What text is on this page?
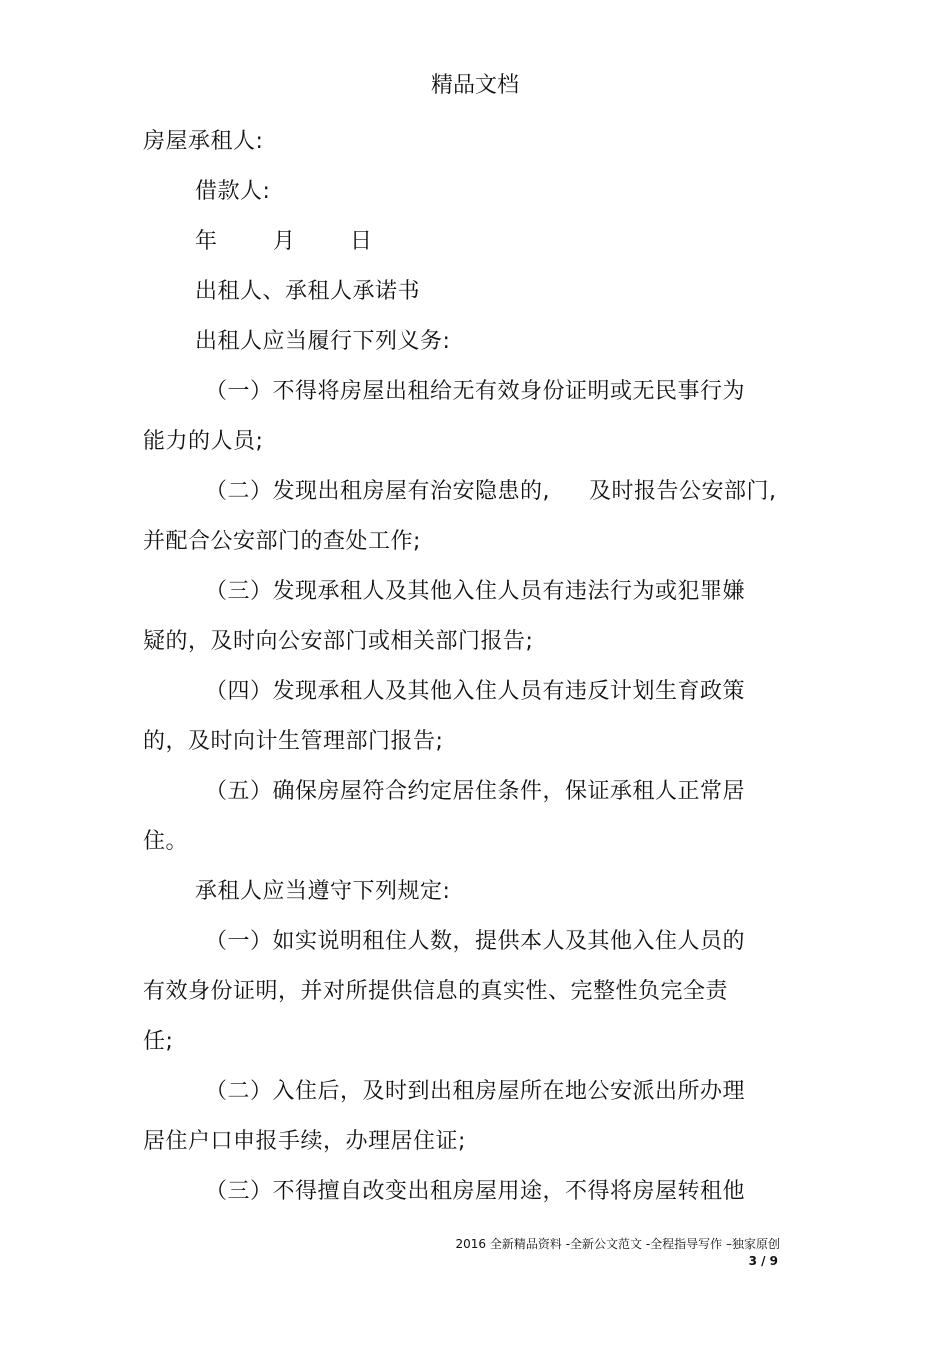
精品文档
房屋承租人:
借款人:
年	月 日
出租人、承租人承诺书
出租人应当履行下列义务:
（一）不得将房屋出租给无有效身份证明或无民事行为
能力的人员;
（二）发现出租房屋有治安隐患的, 及时报告公安部门,
并配合公安部门的查处工作;
（三）发现承租人及其他入住人员有违法行为或犯罪嫌
疑的，及时向公安部门或相关部门报告;
（四）发现承租人及其他入住人员有违反计划生育政策
的，及时向计生管理部门报告;
（五）确保房屋符合约定居住条件，保证承租人正常居
住。
承租人应当遵守下列规定:
（一）如实说明租住人数，提供本人及其他入住人员的
有效身份证明，并对所提供信息的真实性、完整性负完全责
任;
（二）入住后，及时到出租房屋所在地公安派出所办理
居住户口申报手续，办理居住证;
（三）不得擅自改变出租房屋用途，不得将房屋转租他
2016 全新精品资料 -全新公文范文 -全程指导写作 –独家原创
3 / 9
